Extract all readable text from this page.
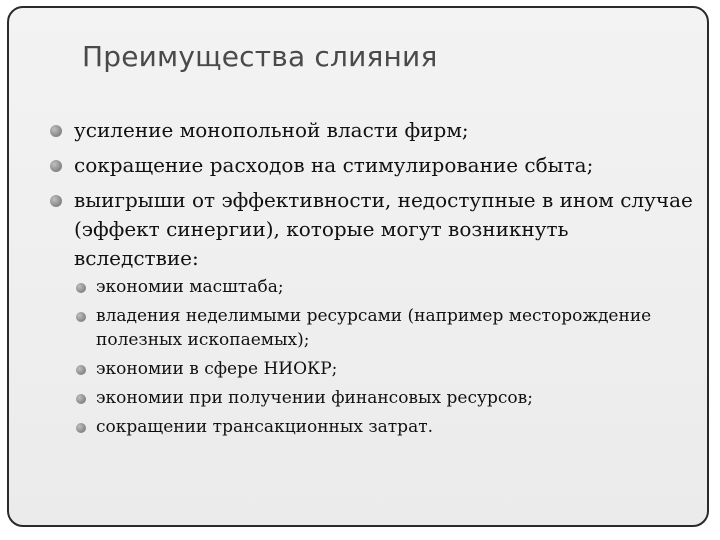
Преимущества слияния
усиление монопольной власти фирм;
сокращение расходов на стимулирование сбыта;
выигрыши от эффективности, недоступные в ином случае (эффект синергии), которые могут возникнуть вследствие:
экономии масштаба;
владения неделимыми ресурсами (например месторождение полезных ископаемых);
экономии в сфере НИОКР;
экономии при получении финансовых ресурсов;
сокращении трансакционных затрат.
